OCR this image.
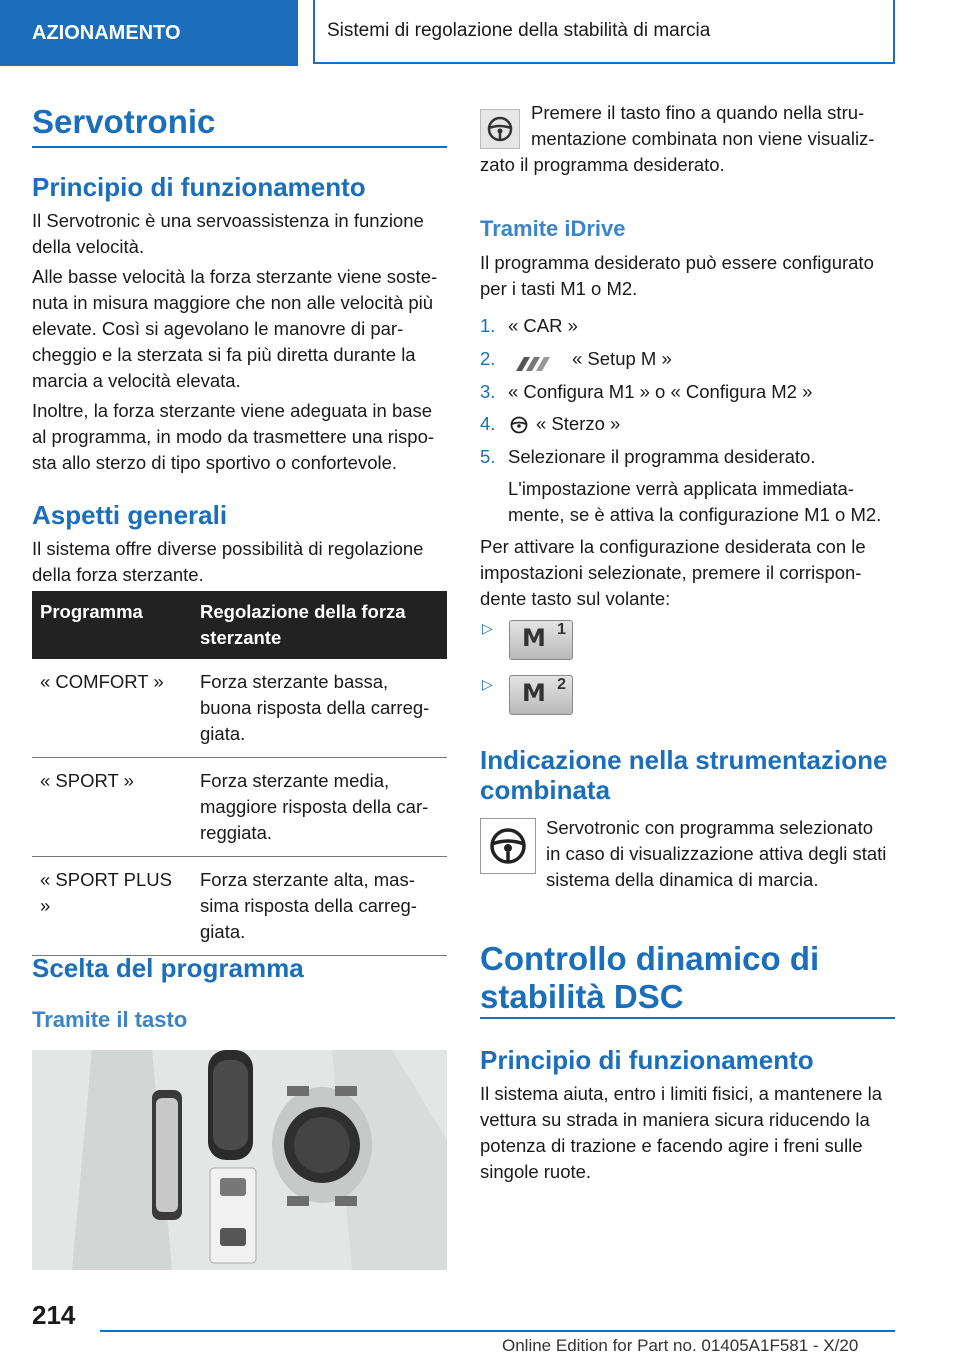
AZIONAMENTO	Sistemi di regolazione della stabilità di marcia
Servotronic
Principio di funzionamento
Il Servotronic è una servoassistenza in funzione
della velocità.
Alle basse velocità la forza sterzante viene soste-
nuta in misura maggiore che non alle velocità più
elevate. Così si agevolano le manovre di par-
cheggio e la sterzata si fa più diretta durante la
marcia a velocità elevata.
Inoltre, la forza sterzante viene adeguata in base
al programma, in modo da trasmettere una rispo-
sta allo sterzo di tipo sportivo o confortevole.
Aspetti generali
Il sistema offre diverse possibilità di regolazione
della forza sterzante.
Programma	Regolazione della forza sterzante
« COMFORT »	Forza sterzante bassa,
buona risposta della carreg-
giata.

« SPORT »	Forza sterzante media,
maggiore risposta della car-
reggiata.

« SPORT PLUS »	Forza sterzante alta, mas-
sima risposta della carreg-
giata.
Scelta del programma
Tramite il tasto
Premere il tasto fino a quando nella stru-
mentazione combinata non viene visualiz-
zato il programma desiderato.
Tramite iDrive
Il programma desiderato può essere configurato
per i tasti M1 o M2.
1. « CAR »
2.	« Setup M »
3. « Configura M1 » o « Configura M2 »
4. « Sterzo »
5. Selezionare il programma desiderato.
L'impostazione verrà applicata immediata-
mente, se è attiva la configurazione M1 o M2.
Per attivare la configurazione desiderata con le
impostazioni selezionate, premere il corrispon-
dente tasto sul volante:
▷ M 1
▷ M 2
Indicazione nella strumentazione
combinata
Servotronic con programma selezionato
in caso di visualizzazione attiva degli stati
sistema della dinamica di marcia.
Controllo dinamico di
stabilità DSC
Principio di funzionamento
Il sistema aiuta, entro i limiti fisici, a mantenere la
vettura su strada in maniera sicura riducendo la
potenza di trazione e facendo agire i freni sulle
singole ruote.
214
Online Edition for Part no. 01405A1F581 - X/20
